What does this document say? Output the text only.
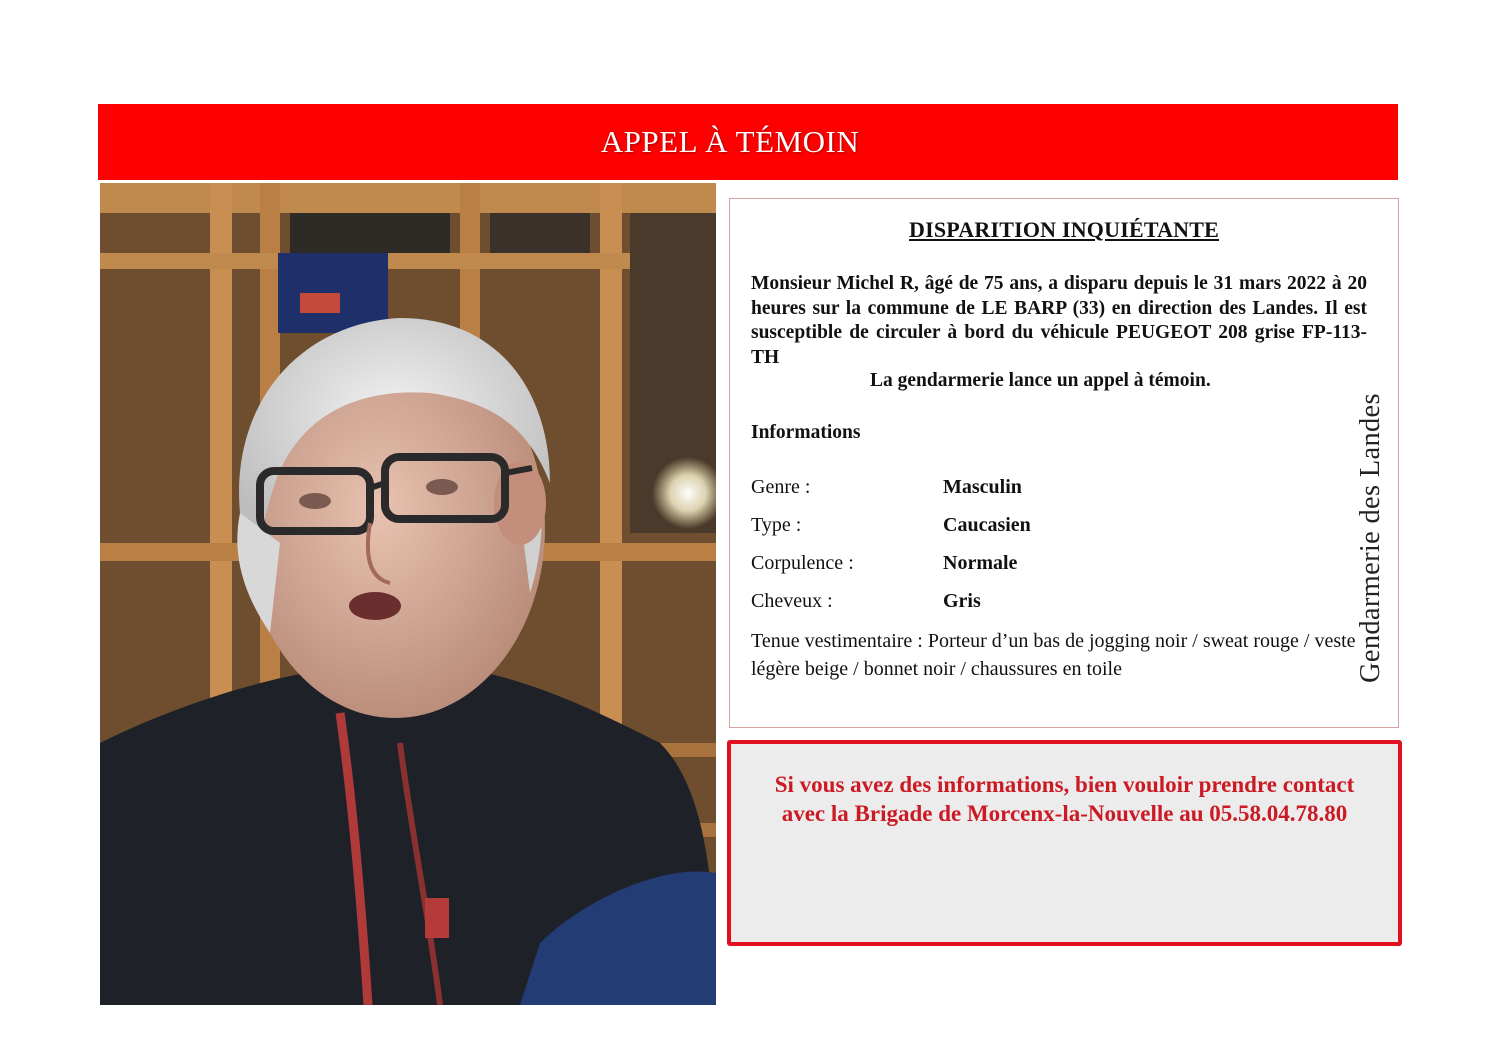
APPEL À TÉMOIN
DISPARITION INQUIÉTANTE
Monsieur Michel R, âgé de 75 ans, a disparu depuis le 31 mars 2022 à 20 heures sur la commune de LE BARP (33) en direction des Landes. Il est susceptible de circuler à bord du véhicule PEUGEOT 208 grise FP-113-TH
La gendarmerie lance un appel à témoin.
Informations
Genre :	Masculin
Type :	Caucasien
Corpulence :	Normale
Cheveux :	Gris
Tenue vestimentaire : Porteur d’un bas de jogging noir / sweat rouge / veste légère beige / bonnet noir / chaussures en toile	Gendarmerie des Landes
Si vous avez des informations, bien vouloir prendre contact avec la Brigade de Morcenx-la-Nouvelle au 05.58.04.78.80
